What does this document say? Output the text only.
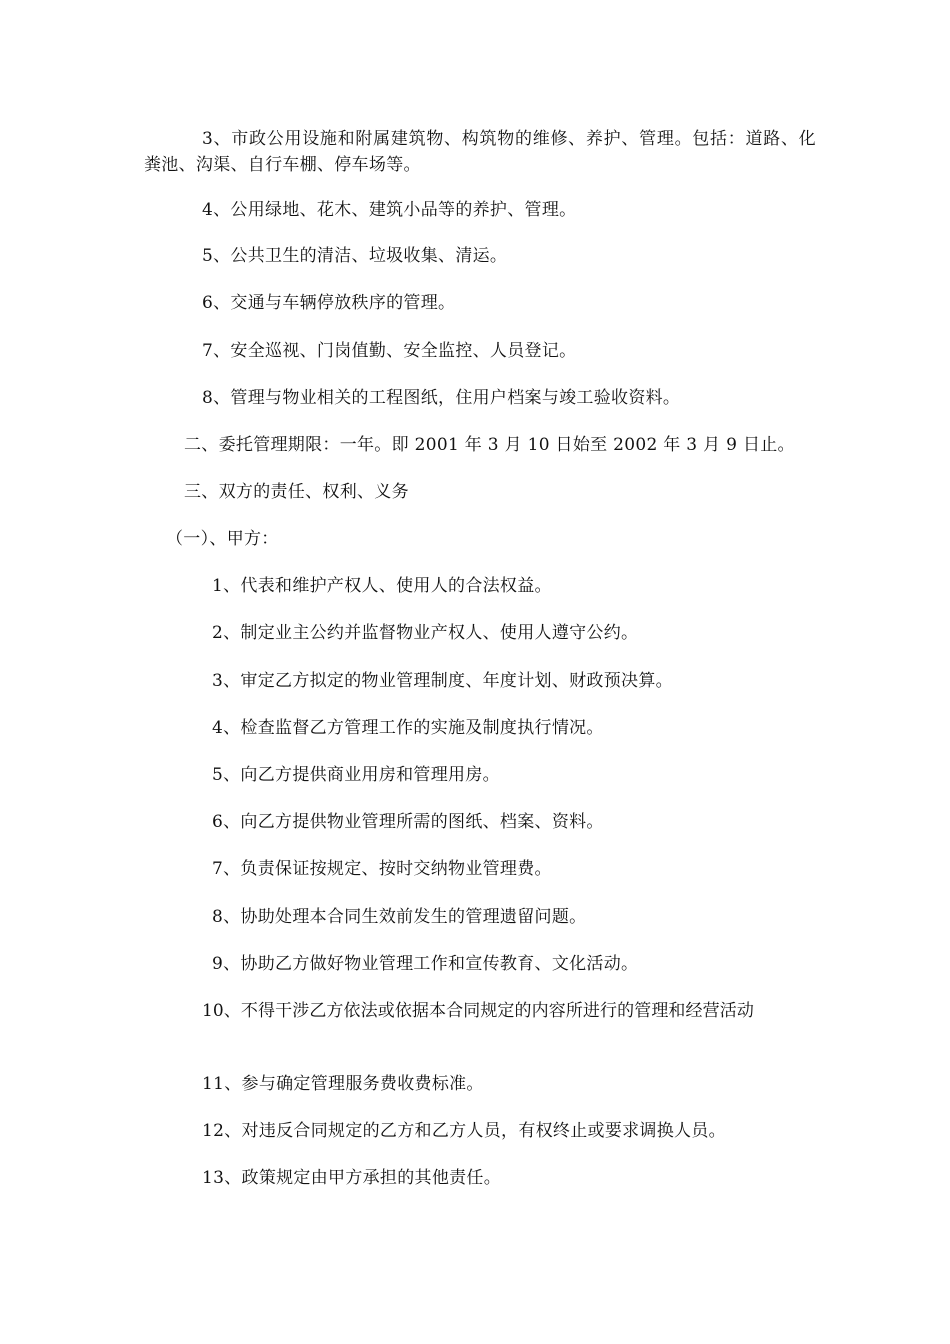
3、市政公用设施和附属建筑物、构筑物的维修、养护、管理。包括：道路、化粪池、沟渠、自行车棚、停车场等。
4、公用绿地、花木、建筑小品等的养护、管理。
5、公共卫生的清洁、垃圾收集、清运。
6、交通与车辆停放秩序的管理。
7、安全巡视、门岗值勤、安全监控、人员登记。
8、管理与物业相关的工程图纸，住用户档案与竣工验收资料。
二、委托管理期限：一年。即 2001 年 3 月 10 日始至 2002 年 3 月 9 日止。
三、双方的责任、权利、义务
（一）、甲方：
1、代表和维护产权人、使用人的合法权益。
2、制定业主公约并监督物业产权人、使用人遵守公约。
3、审定乙方拟定的物业管理制度、年度计划、财政预决算。
4、检查监督乙方管理工作的实施及制度执行情况。
5、向乙方提供商业用房和管理用房。
6、向乙方提供物业管理所需的图纸、档案、资料。
7、负责保证按规定、按时交纳物业管理费。
8、协助处理本合同生效前发生的管理遗留问题。
9、协助乙方做好物业管理工作和宣传教育、文化活动。
10、不得干涉乙方依法或依据本合同规定的内容所进行的管理和经营活动
11、参与确定管理服务费收费标准。
12、对违反合同规定的乙方和乙方人员，有权终止或要求调换人员。
13、政策规定由甲方承担的其他责任。
